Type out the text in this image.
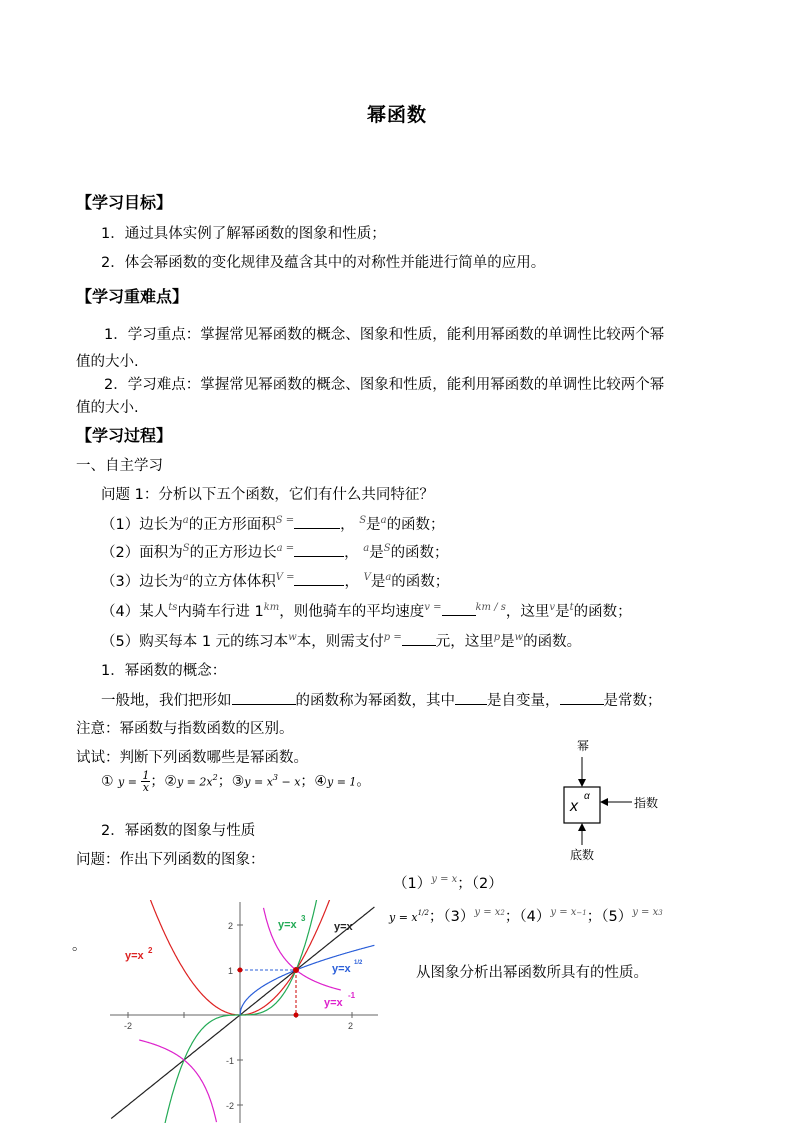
幂函数
【学习目标】
1．通过具体实例了解幂函数的图象和性质；
2．体会幂函数的变化规律及蕴含其中的对称性并能进行简单的应用。
【学习重难点】
1．学习重点：掌握常见幂函数的概念、图象和性质，能利用幂函数的单调性比较两个幂
值的大小.
2．学习难点：掌握常见幂函数的概念、图象和性质，能利用幂函数的单调性比较两个幂
值的大小.
【学习过程】
一、自主学习
问题 1：分析以下五个函数，它们有什么共同特征？
（1）边长为$^a$的正方形面积$^{S =}$	， $^S$是$^a$的函数；
（2）面积为$^S$的正方形边长$^{a =}$	， $^a$是$^S$的函数；
（3）边长为$^a$的立方体体积$^{V =}$	， $^V$是$^a$的函数；
（4）某人$^{ts}$内骑车行进 $1^{km}$，则他骑车的平均速度$^{v =}$	$^{km / s}$，这里$^v$是$^t$的函数；
（5）购买每本 1 元的练习本$^w$本，则需支付$^{p =}$ 元，这里$^p$是$^w$的函数。
1．幂函数的概念：
一般地，我们把形如	的函数称为幂函数，其中 是自变量，	是常数；
注意：幂函数与指数函数的区别。
试试：判断下列函数哪些是幂函数。
① $y = \frac{1}{x}$；②y = $2x^2$；③y = $x^3 - x$；④y = 1。
2．幂函数的图象与性质
问题：作出下列函数的图象：
幂
指数
底数
x
α
$(1)^{y = x}$；（2）
$y = x^{1/2}$；$(3)^{y = x2}$；$(4)^{y = x-1}$；$(5)^{y = x3}$
。
从图象分析出幂函数所具有的性质。
y=x 2
y=x
3
y=x
y=x 1/2
y=x
-1
-2	2
2
1
-1
-2
